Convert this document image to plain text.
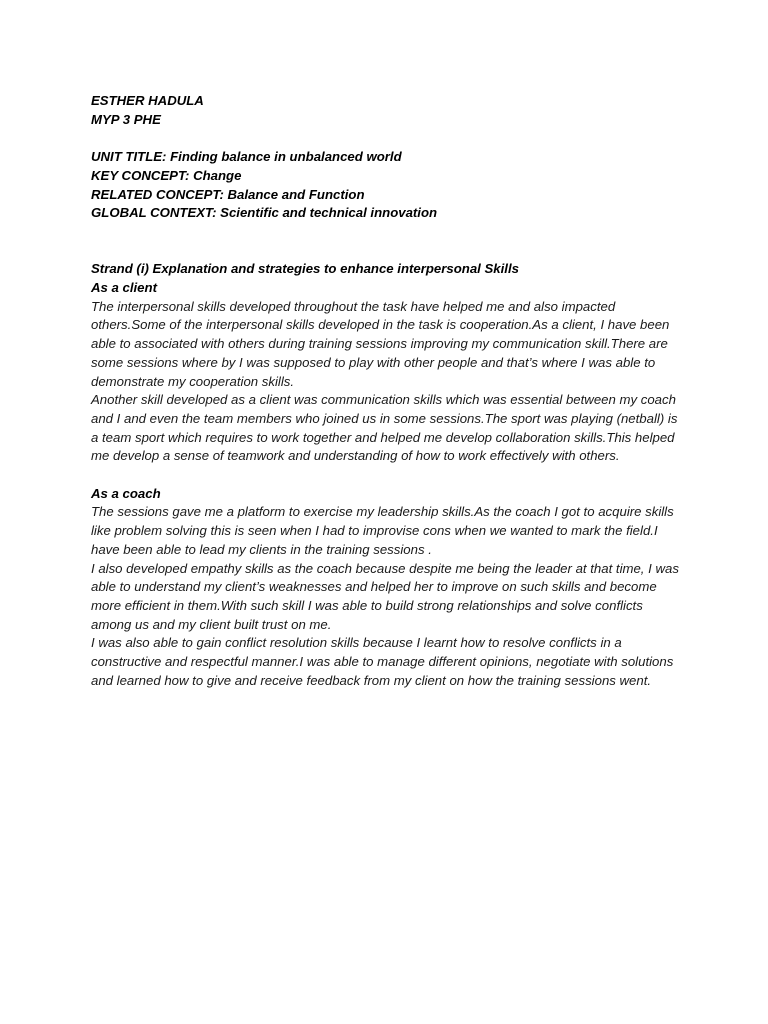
ESTHER HADULA
MYP 3 PHE
UNIT TITLE: Finding balance in unbalanced world
KEY CONCEPT: Change
RELATED CONCEPT: Balance and Function
GLOBAL CONTEXT: Scientific and technical innovation
Strand (i) Explanation and strategies to enhance interpersonal Skills
As a client

The interpersonal skills developed throughout the task have helped me and also impacted others.Some of the interpersonal skills developed in the task is cooperation.As a client, I have been able to associated with others during training sessions improving my communication skill.There are some sessions where by I was supposed to play with other people and that’s where I was able to demonstrate my cooperation skills.

Another skill developed as a client was communication skills which was essential between my coach and I and even the team members who joined us in some sessions.The sport was playing (netball) is a team sport which requires to work together and helped me develop collaboration skills.This helped me develop a sense of teamwork and understanding of how to work effectively with others.

As a coach

The sessions gave me a platform to exercise my leadership skills.As the coach I got to acquire skills like problem solving this is seen when I had to improvise cons when we wanted to mark the field.I have been able to lead my clients in the training sessions .

I also developed empathy skills as the coach because despite me being the leader at that time, I was able to understand my client’s weaknesses and helped her to improve on such skills and become more efficient in them.With such skill I was able to build strong relationships and solve conflicts among us and my client built trust on me.

I was also able to gain conflict resolution skills because I learnt how to resolve conflicts in a constructive and respectful manner.I was able to manage different opinions, negotiate with solutions and learned how to give and receive feedback from my client on how the training sessions went.
